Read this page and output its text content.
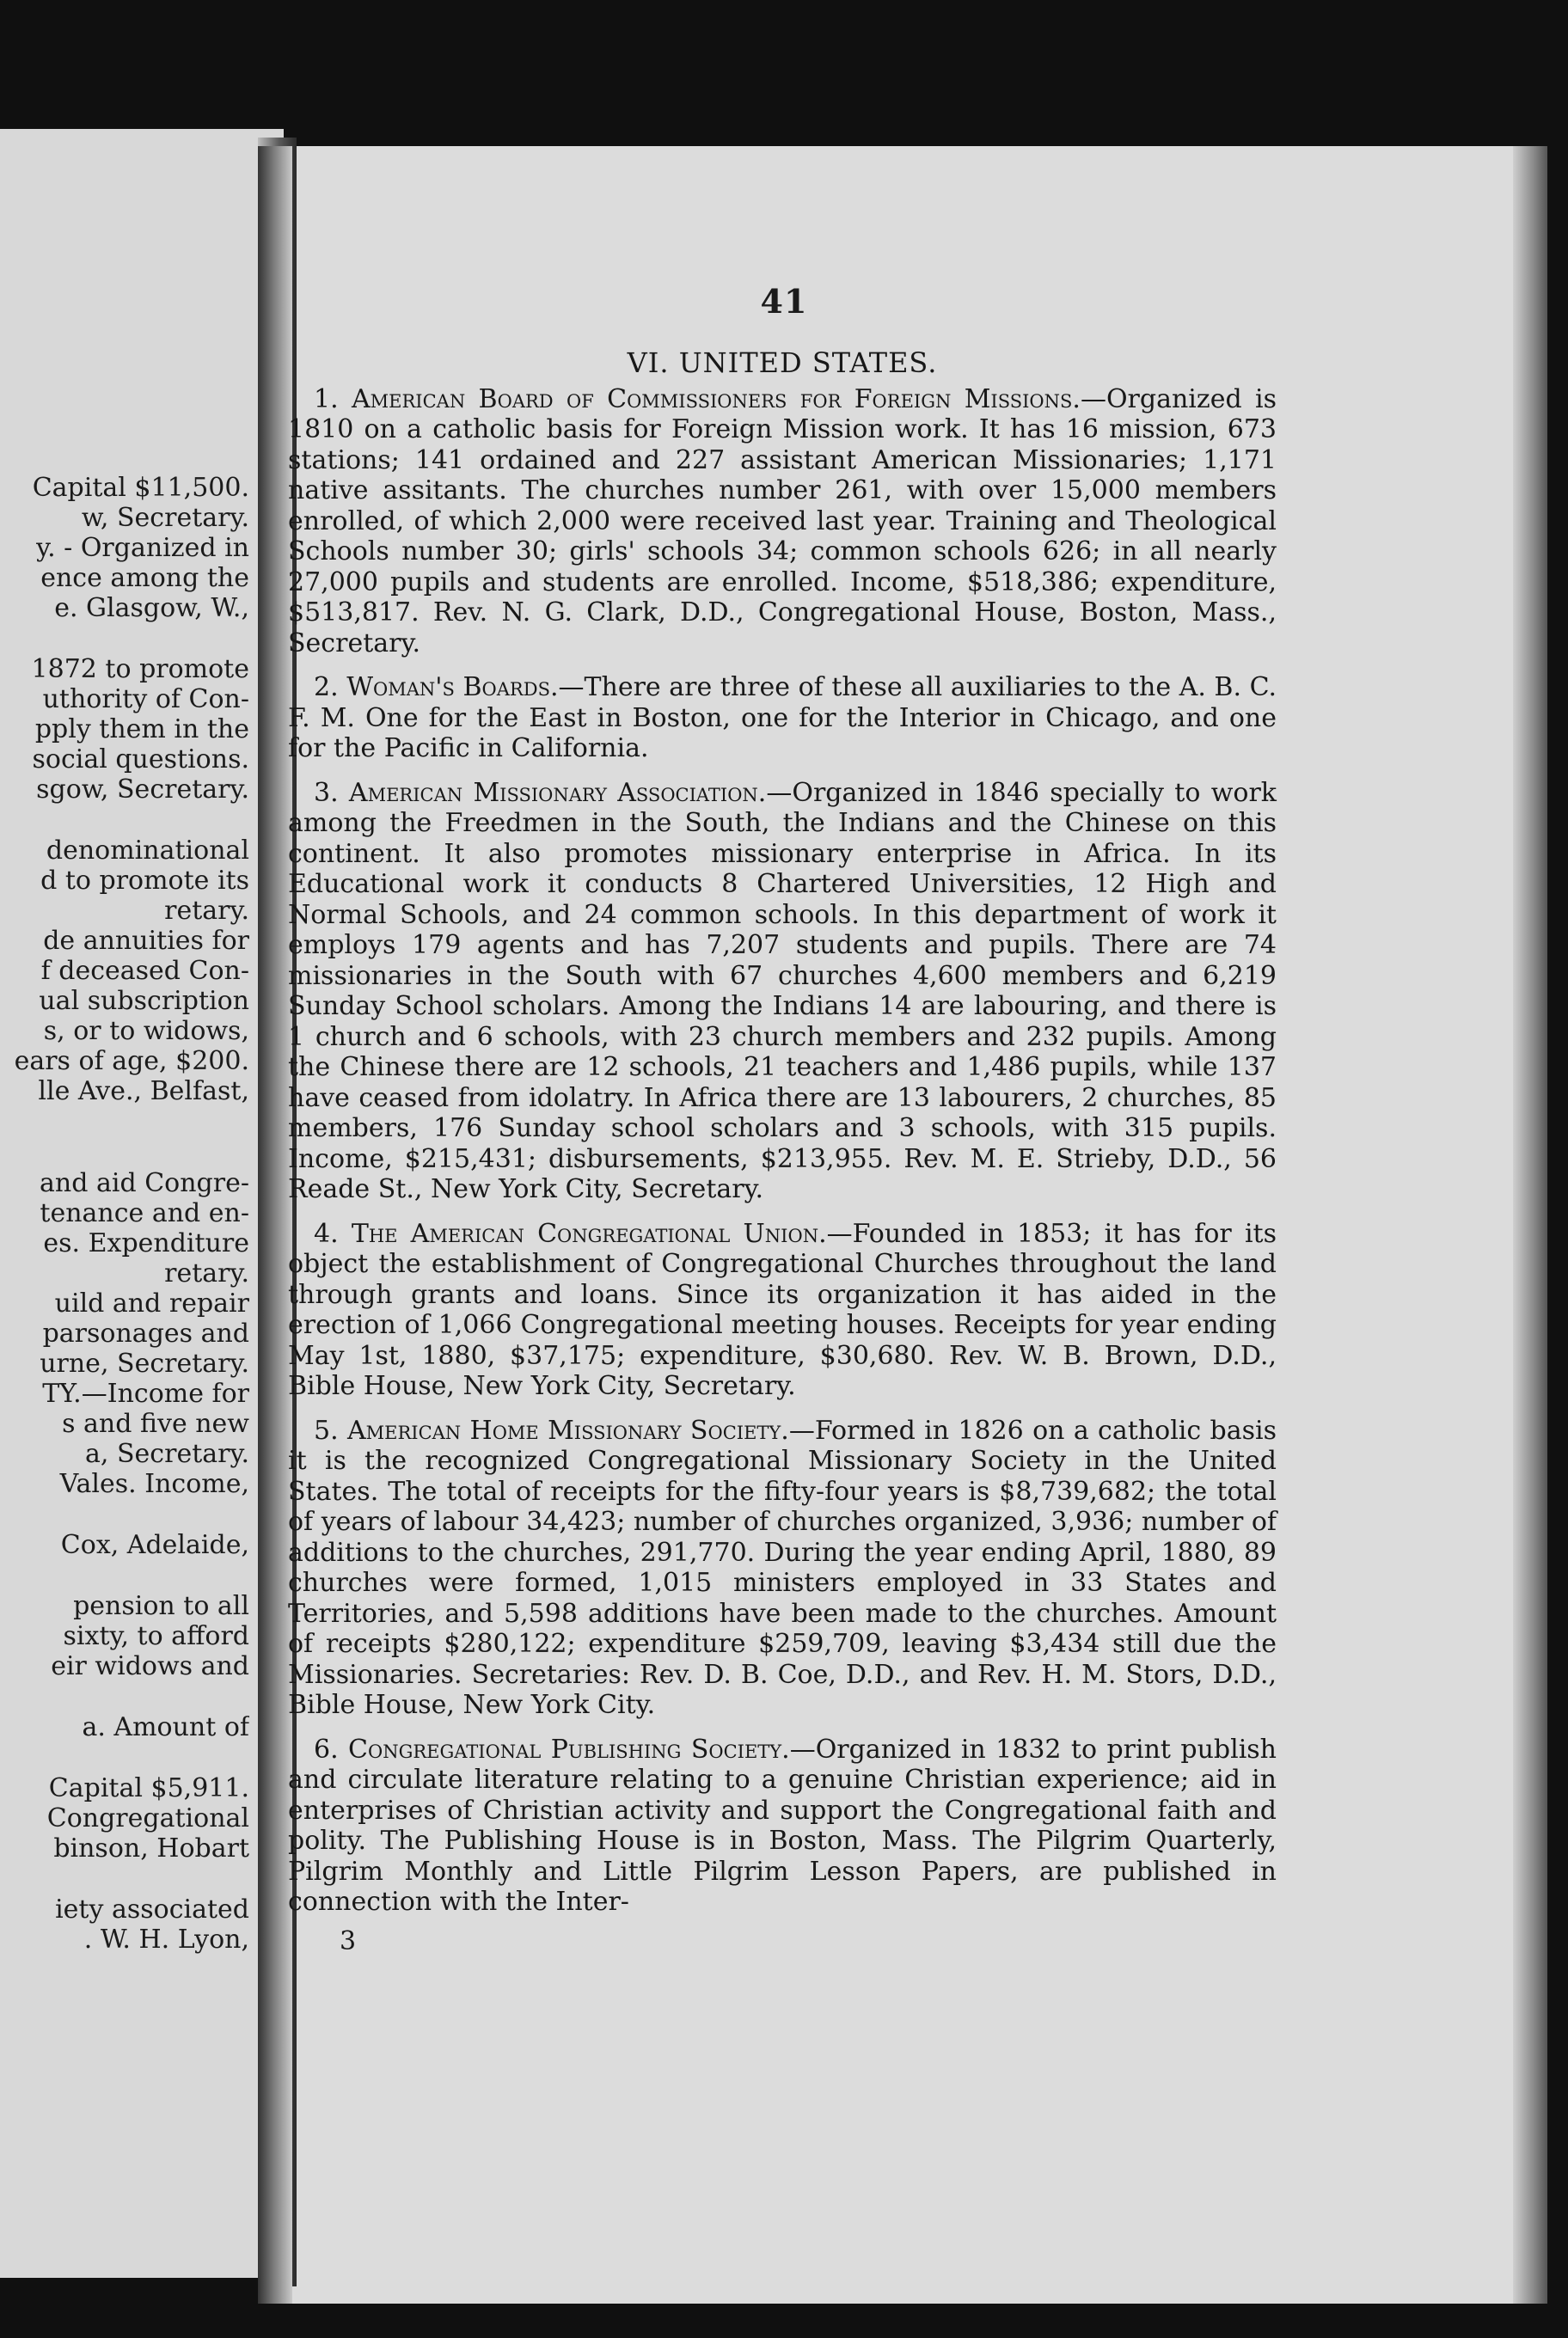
Capital $11,500.
w, Secretary.
y. - Organized in
ence among the
e. Glasgow, W.,
1872 to promote
uthority of Con-
pply them in the
social questions.
sgow, Secretary.
denominational
d to promote its
retary.
de annuities for
f deceased Con-
ual subscription
s, or to widows,
ears of age, $200.
lle Ave., Belfast,
and aid Congre-
tenance and en-
es. Expenditure
retary.
uild and repair
parsonages and
urne, Secretary.
TY.—Income for
s and five new
a, Secretary.
Vales. Income,
Cox, Adelaide,
pension to all
sixty, to afford
eir widows and
a. Amount of
Capital $5,911.
Congregational
binson, Hobart
iety associated
. W. H. Lyon,
41
VI. UNITED STATES.

1. American Board of Commissioners for Foreign Missions.—Organized is 1810 on a catholic basis for Foreign Mission work. It has 16 mission, 673 stations; 141 ordained and 227 assistant American Missionaries; 1,171 native assitants. The churches number 261, with over 15,000 members enrolled, of which 2,000 were received last year. Training and Theological Schools number 30; girls' schools 34; common schools 626; in all nearly 27,000 pupils and students are enrolled. Income, $518,386; expenditure, $513,817. Rev. N. G. Clark, D.D., Congregational House, Boston, Mass., Secretary.

2. Woman's Boards.—There are three of these all auxiliaries to the A. B. C. F. M. One for the East in Boston, one for the Interior in Chicago, and one for the Pacific in California.

3. American Missionary Association.—Organized in 1846 specially to work among the Freedmen in the South, the Indians and the Chinese on this continent. It also promotes missionary enterprise in Africa. In its Educational work it conducts 8 Chartered Universities, 12 High and Normal Schools, and 24 common schools. In this department of work it employs 179 agents and has 7,207 students and pupils. There are 74 missionaries in the South with 67 churches 4,600 members and 6,219 Sunday School scholars. Among the Indians 14 are labouring, and there is 1 church and 6 schools, with 23 church members and 232 pupils. Among the Chinese there are 12 schools, 21 teachers and 1,486 pupils, while 137 have ceased from idolatry. In Africa there are 13 labourers, 2 churches, 85 members, 176 Sunday school scholars and 3 schools, with 315 pupils. Income, $215,431; disbursements, $213,955. Rev. M. E. Strieby, D.D., 56 Reade St., New York City, Secretary.

4. The American Congregational Union.—Founded in 1853; it has for its object the establishment of Congregational Churches throughout the land through grants and loans. Since its organization it has aided in the erection of 1,066 Congregational meeting houses. Receipts for year ending May 1st, 1880, $37,175; expenditure, $30,680. Rev. W. B. Brown, D.D., Bible House, New York City, Secretary.

5. American Home Missionary Society.—Formed in 1826 on a catholic basis it is the recognized Congregational Missionary Society in the United States. The total of receipts for the fifty-four years is $8,739,682; the total of years of labour 34,423; number of churches organized, 3,936; number of additions to the churches, 291,770. During the year ending April, 1880, 89 churches were formed, 1,015 ministers employed in 33 States and Territories, and 5,598 additions have been made to the churches. Amount of receipts $280,122; expenditure $259,709, leaving $3,434 still due the Missionaries. Secretaries: Rev. D. B. Coe, D.D., and Rev. H. M. Stors, D.D., Bible House, New York City.

6. Congregational Publishing Society.—Organized in 1832 to print publish and circulate literature relating to a genuine Christian experience; aid in enterprises of Christian activity and support the Congregational faith and polity. The Publishing House is in Boston, Mass. The Pilgrim Quarterly, Pilgrim Monthly and Little Pilgrim Lesson Papers, are published in connection with the Inter-

3
